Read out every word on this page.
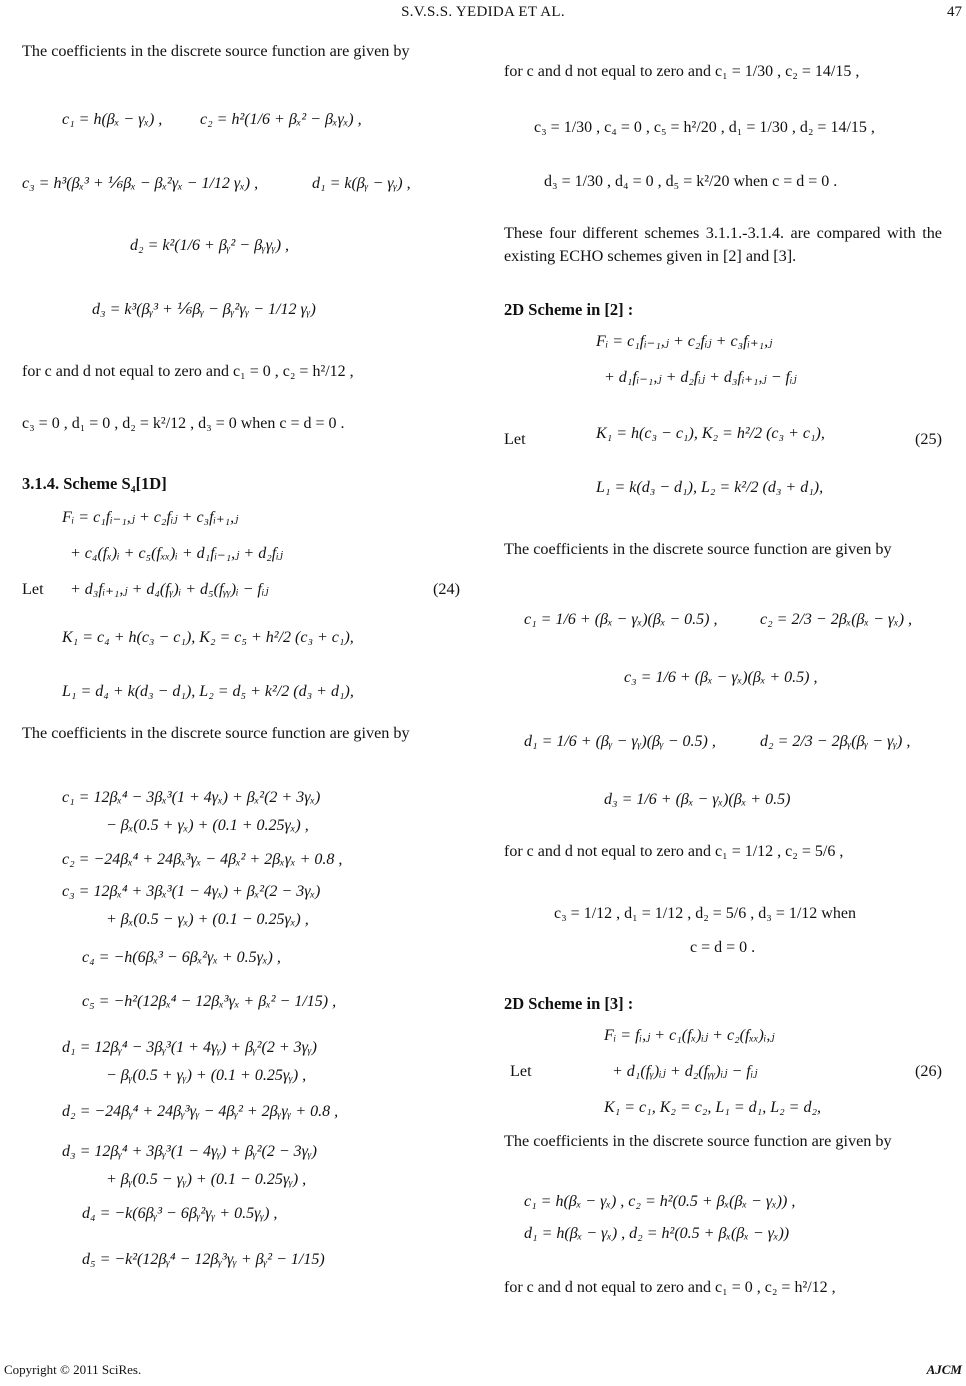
S.V.S.S. YEDIDA ET AL.	47

The coefficients in the discrete source function are given by

c₁ = h(βₓ − γₓ) , c₂ = h²(1/6 + βₓ² − βₓγₓ) ,
c₃ = h³(βₓ³ + ⅙βₓ − βₓ²γₓ − 1/12 γₓ) ,	d₁ = k(βᵧ − γᵧ) ,
d₂ = k²(1/6 + βᵧ² − βᵧγᵧ) ,
d₃ = k³(βᵧ³ + ⅙βᵧ − βᵧ²γᵧ − 1/12 γᵧ)
for c and d not equal to zero and c₁ = 0 , c₂ = h²/12 ,
c₃ = 0 , d₁ = 0 , d₂ = k²/12 , d₃ = 0 when c = d = 0 .
3.1.4. Scheme S₄[1D]
Fᵢ = c₁fᵢ₋₁,ⱼ + c₂fᵢⱼ + c₃fᵢ₊₁,ⱼ
+ c₄(fₓ)ᵢ + c₅(fₓₓ)ᵢ + d₁fᵢ₋₁,ⱼ + d₂fᵢⱼ
Let + d₃fᵢ₊₁,ⱼ + d₄(fᵧ)ᵢ + d₅(fᵧᵧ)ᵢ − fᵢⱼ	(24)
K₁ = c₄ + h(c₃ − c₁), K₂ = c₅ + h²/2 (c₃ + c₁),
L₁ = d₄ + k(d₃ − d₁), L₂ = d₅ + k²/2 (d₃ + d₁),

The coefficients in the discrete source function are given by

c₁ = 12βₓ⁴ − 3βₓ³(1 + 4γₓ) + βₓ²(2 + 3γₓ)
− βₓ(0.5 + γₓ) + (0.1 + 0.25γₓ) ,
c₂ = −24βₓ⁴ + 24βₓ³γₓ − 4βₓ² + 2βₓγₓ + 0.8 ,
c₃ = 12βₓ⁴ + 3βₓ³(1 − 4γₓ) + βₓ²(2 − 3γₓ)
+ βₓ(0.5 − γₓ) + (0.1 − 0.25γₓ) ,
c₄ = −h(6βₓ³ − 6βₓ²γₓ + 0.5γₓ) ,
c₅ = −h²(12βₓ⁴ − 12βₓ³γₓ + βₓ² − 1/15) ,
d₁ = 12βᵧ⁴ − 3βᵧ³(1 + 4γᵧ) + βᵧ²(2 + 3γᵧ)
− βᵧ(0.5 + γᵧ) + (0.1 + 0.25γᵧ) ,
d₂ = −24βᵧ⁴ + 24βᵧ³γᵧ − 4βᵧ² + 2βᵧγᵧ + 0.8 ,
d₃ = 12βᵧ⁴ + 3βᵧ³(1 − 4γᵧ) + βᵧ²(2 − 3γᵧ)
+ βᵧ(0.5 − γᵧ) + (0.1 − 0.25γᵧ) ,
d₄ = −k(6βᵧ³ − 6βᵧ²γᵧ + 0.5γᵧ) ,
d₅ = −k²(12βᵧ⁴ − 12βᵧ³γᵧ + βᵧ² − 1/15)
for c and d not equal to zero and c₁ = 1/30 , c₂ = 14/15 ,
c₃ = 1/30 , c₄ = 0 , c₅ = h²/20 , d₁ = 1/30 , d₂ = 14/15 ,
d₃ = 1/30 , d₄ = 0 , d₅ = k²/20 when c = d = 0 .

These four different schemes 3.1.1.-3.1.4. are compared with the existing ECHO schemes given in [2] and [3].

2D Scheme in [2] :
Fᵢ = c₁fᵢ₋₁,ⱼ + c₂fᵢⱼ + c₃fᵢ₊₁,ⱼ
+ d₁fᵢ₋₁,ⱼ + d₂fᵢⱼ + d₃fᵢ₊₁,ⱼ − fᵢⱼ
Let	K₁ = h(c₃ − c₁), K₂ = h²/2 (c₃ + c₁),	(25)
L₁ = k(d₃ − d₁), L₂ = k²/2 (d₃ + d₁),

The coefficients in the discrete source function are given by

c₁ = 1/6 + (βₓ − γₓ)(βₓ − 0.5) ,	c₂ = 2/3 − 2βₓ(βₓ − γₓ) ,
c₃ = 1/6 + (βₓ − γₓ)(βₓ + 0.5) ,
d₁ = 1/6 + (βᵧ − γᵧ)(βᵧ − 0.5) ,	d₂ = 2/3 − 2βᵧ(βᵧ − γᵧ) ,
d₃ = 1/6 + (βₓ − γₓ)(βₓ + 0.5)
for c and d not equal to zero and c₁ = 1/12 , c₂ = 5/6 ,
c₃ = 1/12 , d₁ = 1/12 , d₂ = 5/6 , d₃ = 1/12 when
c = d = 0 .
2D Scheme in [3] :
Fᵢ = fᵢ,ⱼ + c₁(fₓ)ᵢⱼ + c₂(fₓₓ)ᵢ,ⱼ
Let	+ d₁(fᵧ)ᵢⱼ + d₂(fᵧᵧ)ᵢⱼ − fᵢⱼ	(26)
K₁ = c₁, K₂ = c₂, L₁ = d₁, L₂ = d₂,

The coefficients in the discrete source function are given by

c₁ = h(βₓ − γₓ) , c₂ = h²(0.5 + βₓ(βₓ − γₓ)) ,
d₁ = h(βₓ − γₓ) , d₂ = h²(0.5 + βₓ(βₓ − γₓ))
for c and d not equal to zero and c₁ = 0 , c₂ = h²/12 ,
Copyright © 2011 SciRes.	AJCM
